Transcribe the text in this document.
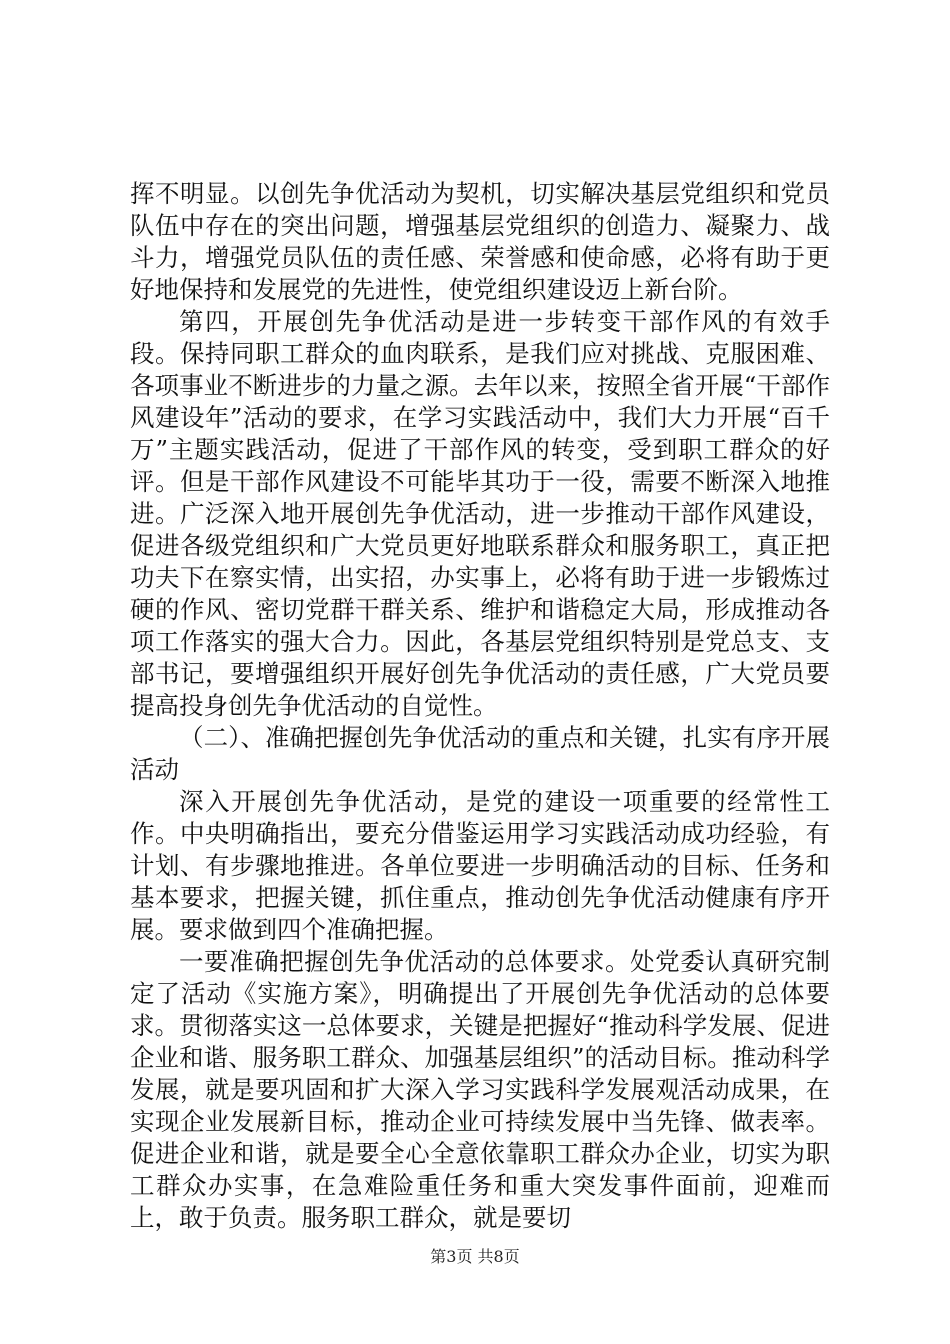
挥不明显。以创先争优活动为契机，切实解决基层党组织和党员队伍中存在的突出问题，增强基层党组织的创造力、凝聚力、战斗力，增强党员队伍的责任感、荣誉感和使命感，必将有助于更好地保持和发展党的先进性，使党组织建设迈上新台阶。

第四，开展创先争优活动是进一步转变干部作风的有效手段。保持同职工群众的血肉联系，是我们应对挑战、克服困难、各项事业不断进步的力量之源。去年以来，按照全省开展“干部作风建设年”活动的要求，在学习实践活动中，我们大力开展“百千万”主题实践活动，促进了干部作风的转变，受到职工群众的好评。但是干部作风建设不可能毕其功于一役，需要不断深入地推进。广泛深入地开展创先争优活动，进一步推动干部作风建设，促进各级党组织和广大党员更好地联系群众和服务职工，真正把功夫下在察实情，出实招，办实事上，必将有助于进一步锻炼过硬的作风、密切党群干群关系、维护和谐稳定大局，形成推动各项工作落实的强大合力。因此，各基层党组织特别是党总支、支部书记，要增强组织开展好创先争优活动的责任感，广大党员要提高投身创先争优活动的自觉性。

（二）、准确把握创先争优活动的重点和关键，扎实有序开展活动

深入开展创先争优活动，是党的建设一项重要的经常性工作。中央明确指出，要充分借鉴运用学习实践活动成功经验，有计划、有步骤地推进。各单位要进一步明确活动的目标、任务和基本要求，把握关键，抓住重点，推动创先争优活动健康有序开展。要求做到四个准确把握。

一要准确把握创先争优活动的总体要求。处党委认真研究制定了活动《实施方案》，明确提出了开展创先争优活动的总体要求。贯彻落实这一总体要求，关键是把握好“推动科学发展、促进企业和谐、服务职工群众、加强基层组织”的活动目标。推动科学发展，就是要巩固和扩大深入学习实践科学发展观活动成果，在实现企业发展新目标，推动企业可持续发展中当先锋、做表率。促进企业和谐，就是要全心全意依靠职工群众办企业，切实为职工群众办实事，在急难险重任务和重大突发事件面前，迎难而上，敢于负责。服务职工群众，就是要切

第3页 共8页
